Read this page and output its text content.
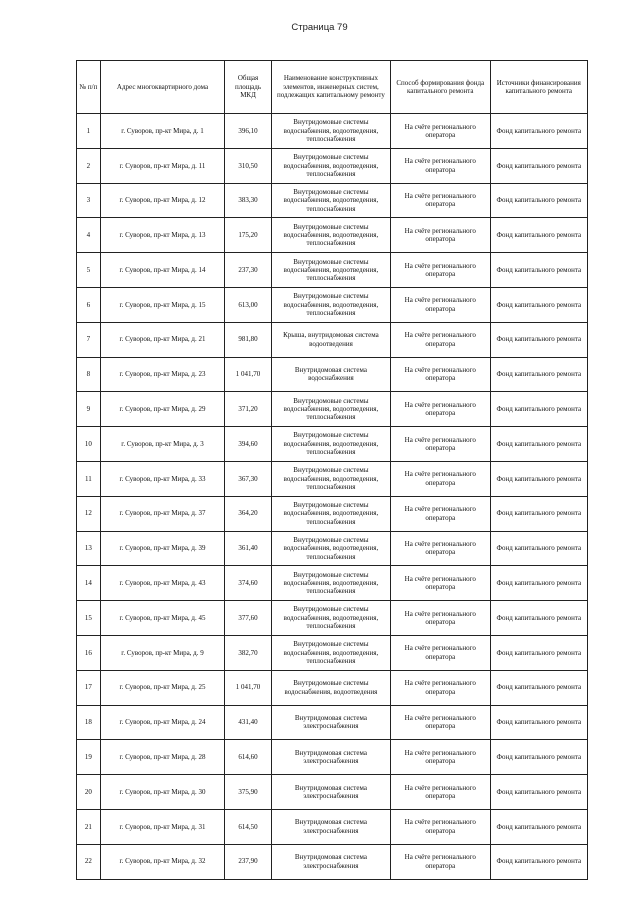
Страница 79
№ п/п	Адрес многоквартирного дома	Общая площадь МКД	Наименование конструктивных элементов, инженерных систем, подлежащих капитальному ремонту	Способ формирования фонда капитального ремонта	Источники финансирования капитального ремонта
1	г. Суворов, пр-кт Мира, д. 1	396,10	Внутридомовые системы водоснабжения, водоотведения, теплоснабжения	На счёте регионального оператора	Фонд капитального ремонта
2	г. Суворов, пр-кт Мира, д. 11	310,50	Внутридомовые системы водоснабжения, водоотведения, теплоснабжения	На счёте регионального оператора	Фонд капитального ремонта
3	г. Суворов, пр-кт Мира, д. 12	383,30	Внутридомовые системы водоснабжения, водоотведения, теплоснабжения	На счёте регионального оператора	Фонд капитального ремонта
4	г. Суворов, пр-кт Мира, д. 13	175,20	Внутридомовые системы водоснабжения, водоотведения, теплоснабжения	На счёте регионального оператора	Фонд капитального ремонта
5	г. Суворов, пр-кт Мира, д. 14	237,30	Внутридомовые системы водоснабжения, водоотведения, теплоснабжения	На счёте регионального оператора	Фонд капитального ремонта
6	г. Суворов, пр-кт Мира, д. 15	613,00	Внутридомовые системы водоснабжения, водоотведения, теплоснабжения	На счёте регионального оператора	Фонд капитального ремонта
7	г. Суворов, пр-кт Мира, д. 21	981,80	Крыша, внутридомовая система водоотведения	На счёте регионального оператора	Фонд капитального ремонта
8	г. Суворов, пр-кт Мира, д. 23	1 041,70	Внутридомовая система водоснабжения	На счёте регионального оператора	Фонд капитального ремонта
9	г. Суворов, пр-кт Мира, д. 29	371,20	Внутридомовые системы водоснабжения, водоотведения, теплоснабжения	На счёте регионального оператора	Фонд капитального ремонта
10	г. Суворов, пр-кт Мира, д. 3	394,60	Внутридомовые системы водоснабжения, водоотведения, теплоснабжения	На счёте регионального оператора	Фонд капитального ремонта
11	г. Суворов, пр-кт Мира, д. 33	367,30	Внутридомовые системы водоснабжения, водоотведения, теплоснабжения	На счёте регионального оператора	Фонд капитального ремонта
12	г. Суворов, пр-кт Мира, д. 37	364,20	Внутридомовые системы водоснабжения, водоотведения, теплоснабжения	На счёте регионального оператора	Фонд капитального ремонта
13	г. Суворов, пр-кт Мира, д. 39	361,40	Внутридомовые системы водоснабжения, водоотведения, теплоснабжения	На счёте регионального оператора	Фонд капитального ремонта
14	г. Суворов, пр-кт Мира, д. 43	374,60	Внутридомовые системы водоснабжения, водоотведения, теплоснабжения	На счёте регионального оператора	Фонд капитального ремонта
15	г. Суворов, пр-кт Мира, д. 45	377,60	Внутридомовые системы водоснабжения, водоотведения, теплоснабжения	На счёте регионального оператора	Фонд капитального ремонта
16	г. Суворов, пр-кт Мира, д. 9	382,70	Внутридомовые системы водоснабжения, водоотведения, теплоснабжения	На счёте регионального оператора	Фонд капитального ремонта
17	г. Суворов, пр-кт Мира, д. 25	1 041,70	Внутридомовые системы водоснабжения, водоотведения	На счёте регионального оператора	Фонд капитального ремонта
18	г. Суворов, пр-кт Мира, д. 24	431,40	Внутридомовая система электроснабжения	На счёте регионального оператора	Фонд капитального ремонта
19	г. Суворов, пр-кт Мира, д. 28	614,60	Внутридомовая система электроснабжения	На счёте регионального оператора	Фонд капитального ремонта
20	г. Суворов, пр-кт Мира, д. 30	375,90	Внутридомовая система электроснабжения	На счёте регионального оператора	Фонд капитального ремонта
21	г. Суворов, пр-кт Мира, д. 31	614,50	Внутридомовая система электроснабжения	На счёте регионального оператора	Фонд капитального ремонта
22	г. Суворов, пр-кт Мира, д. 32	237,90	Внутридомовая система электроснабжения	На счёте регионального оператора	Фонд капитального ремонта
